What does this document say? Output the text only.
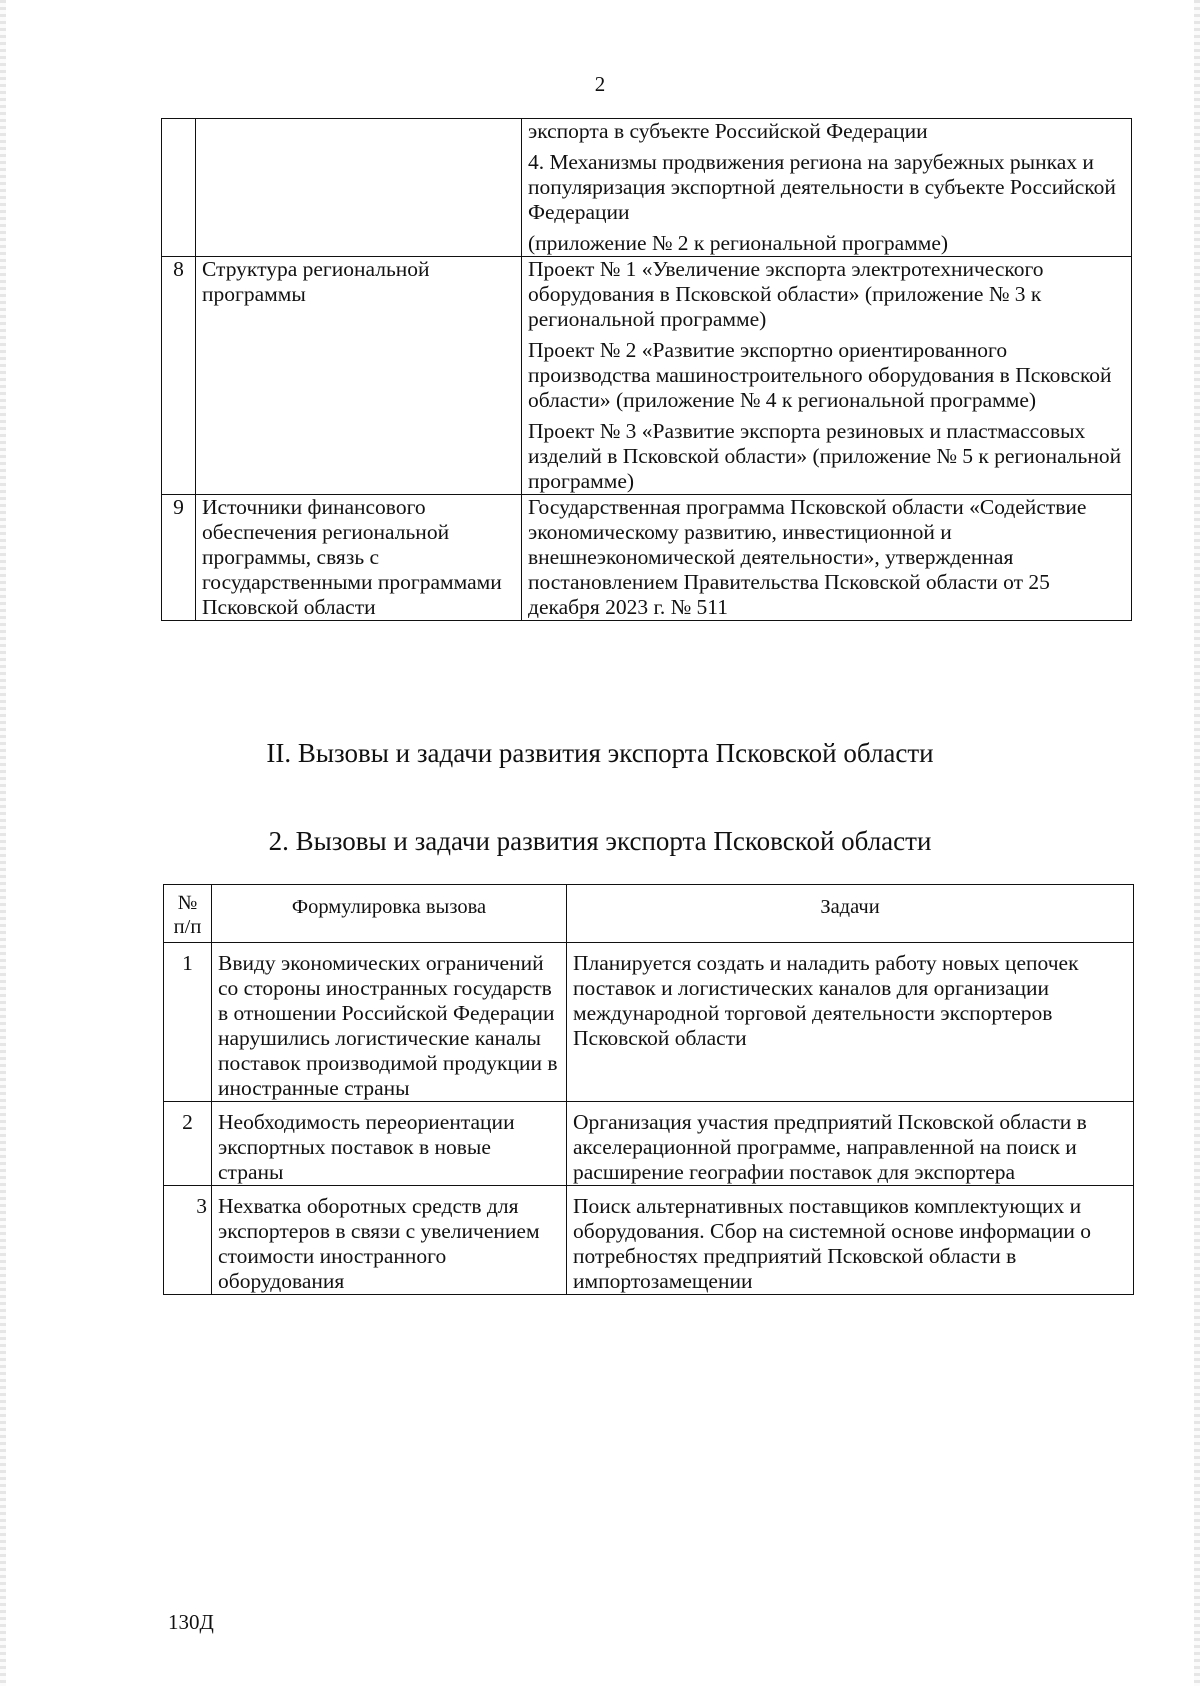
2

		экспорта в субъекте Российской Федерации

4. Механизмы продвижения региона на зарубежных рынках и популяризация экспортной деятельности в субъекте Российской Федерации

(приложение № 2 к региональной программе)

8	Структура региональной программы	Проект № 1 «Увеличение экспорта электротехнического оборудования в Псковской области» (приложение № 3 к региональной программе)

Проект № 2 «Развитие экспортно ориентированного производства машиностроительного оборудования в Псковской области» (приложение № 4 к региональной программе)

Проект № 3 «Развитие экспорта резиновых и пластмассовых изделий в Псковской области» (приложение № 5 к региональной программе)

9	Источники финансового обеспечения региональной программы, связь с государственными программами Псковской области	Государственная программа Псковской области «Содействие экономическому развитию, инвестиционной и внешнеэкономической деятельности», утвержденная постановлением Правительства Псковской области от 25 декабря 2023 г. № 511

II. Вызовы и задачи развития экспорта Псковской области
2. Вызовы и задачи развития экспорта Псковской области
№ п/п	Формулировка вызова	Задачи
1	Ввиду экономических ограничений со стороны иностранных государств в отношении Российской Федерации нарушились логистические каналы поставок производимой продукции в иностранные страны	Планируется создать и наладить работу новых цепочек поставок и логистических каналов для организации международной торговой деятельности экспортеров Псковской области
2	Необходимость переориентации экспортных поставок в новые страны	Организация участия предприятий Псковской области в акселерационной программе, направленной на поиск и расширение географии поставок для экспортера
3	Нехватка оборотных средств для экспортеров в связи с увеличением стоимости иностранного оборудования	Поиск альтернативных поставщиков комплектующих и оборудования. Сбор на системной основе информации о потребностях предприятий Псковской области в импортозамещении
130Д
